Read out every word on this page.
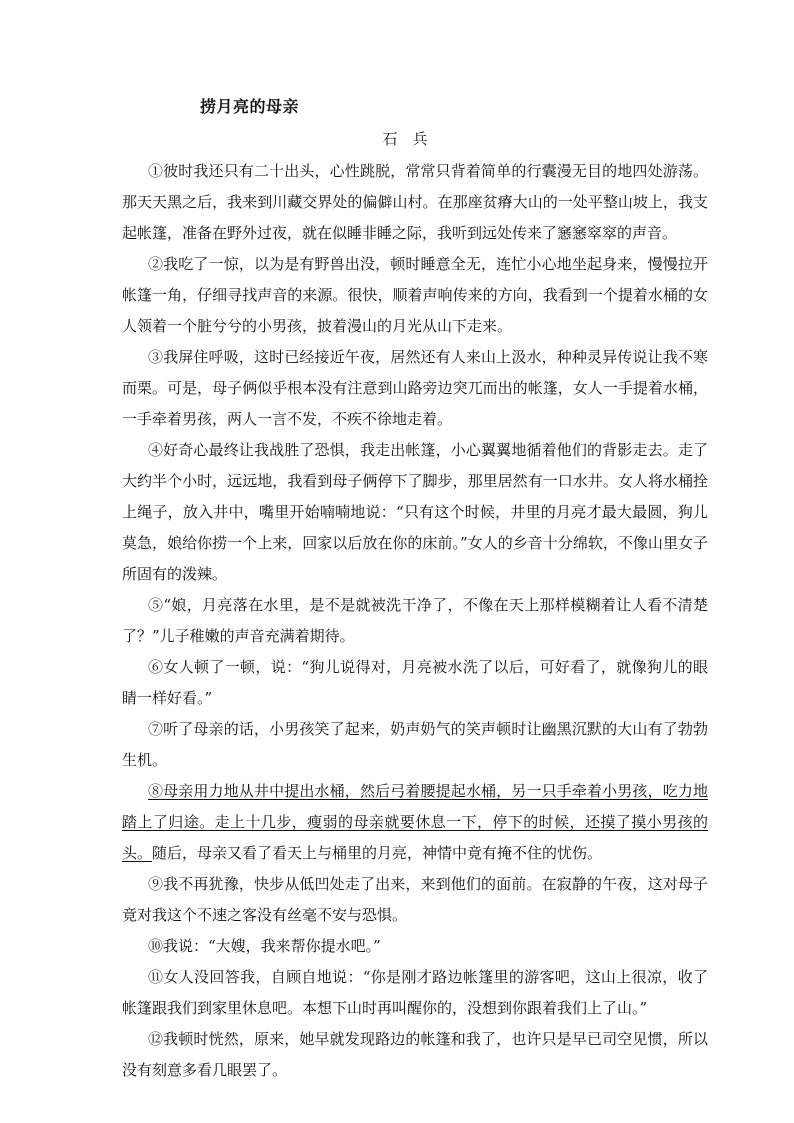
捞月亮的母亲
石　兵

①彼时我还只有二十出头，心性跳脱，常常只背着简单的行囊漫无目的地四处游荡。那天天黑之后，我来到川藏交界处的偏僻山村。在那座贫瘠大山的一处平整山坡上，我支起帐篷，准备在野外过夜，就在似睡非睡之际，我听到远处传来了窸窸窣窣的声音。

②我吃了一惊，以为是有野兽出没，顿时睡意全无，连忙小心地坐起身来，慢慢拉开帐篷一角，仔细寻找声音的来源。很快，顺着声响传来的方向，我看到一个提着水桶的女人领着一个脏兮兮的小男孩，披着漫山的月光从山下走来。

③我屏住呼吸，这时已经接近午夜，居然还有人来山上汲水，种种灵异传说让我不寒而栗。可是，母子俩似乎根本没有注意到山路旁边突兀而出的帐篷，女人一手提着水桶，一手牵着男孩，两人一言不发，不疾不徐地走着。

④好奇心最终让我战胜了恐惧，我走出帐篷，小心翼翼地循着他们的背影走去。走了大约半个小时，远远地，我看到母子俩停下了脚步，那里居然有一口水井。女人将水桶拴上绳子，放入井中，嘴里开始喃喃地说：“只有这个时候，井里的月亮才最大最圆，狗儿莫急，娘给你捞一个上来，回家以后放在你的床前。”女人的乡音十分绵软，不像山里女子所固有的泼辣。

⑤“娘，月亮落在水里，是不是就被洗干净了，不像在天上那样模糊着让人看不清楚了？”儿子稚嫩的声音充满着期待。

⑥女人顿了一顿，说：“狗儿说得对，月亮被水洗了以后，可好看了，就像狗儿的眼睛一样好看。”

⑦听了母亲的话，小男孩笑了起来，奶声奶气的笑声顿时让幽黑沉默的大山有了勃勃生机。

⑧母亲用力地从井中提出水桶，然后弓着腰提起水桶，另一只手牵着小男孩，吃力地踏上了归途。走上十几步，瘦弱的母亲就要休息一下，停下的时候，还摸了摸小男孩的头。随后，母亲又看了看天上与桶里的月亮，神情中竟有掩不住的忧伤。

⑨我不再犹豫，快步从低凹处走了出来，来到他们的面前。在寂静的午夜，这对母子竟对我这个不速之客没有丝毫不安与恐惧。

⑩我说：“大嫂，我来帮你提水吧。”

⑪女人没回答我，自顾自地说：“你是刚才路边帐篷里的游客吧，这山上很凉，收了帐篷跟我们到家里休息吧。本想下山时再叫醒你的，没想到你跟着我们上了山。”

⑫我顿时恍然，原来，她早就发现路边的帐篷和我了，也许只是早已司空见惯，所以没有刻意多看几眼罢了。
